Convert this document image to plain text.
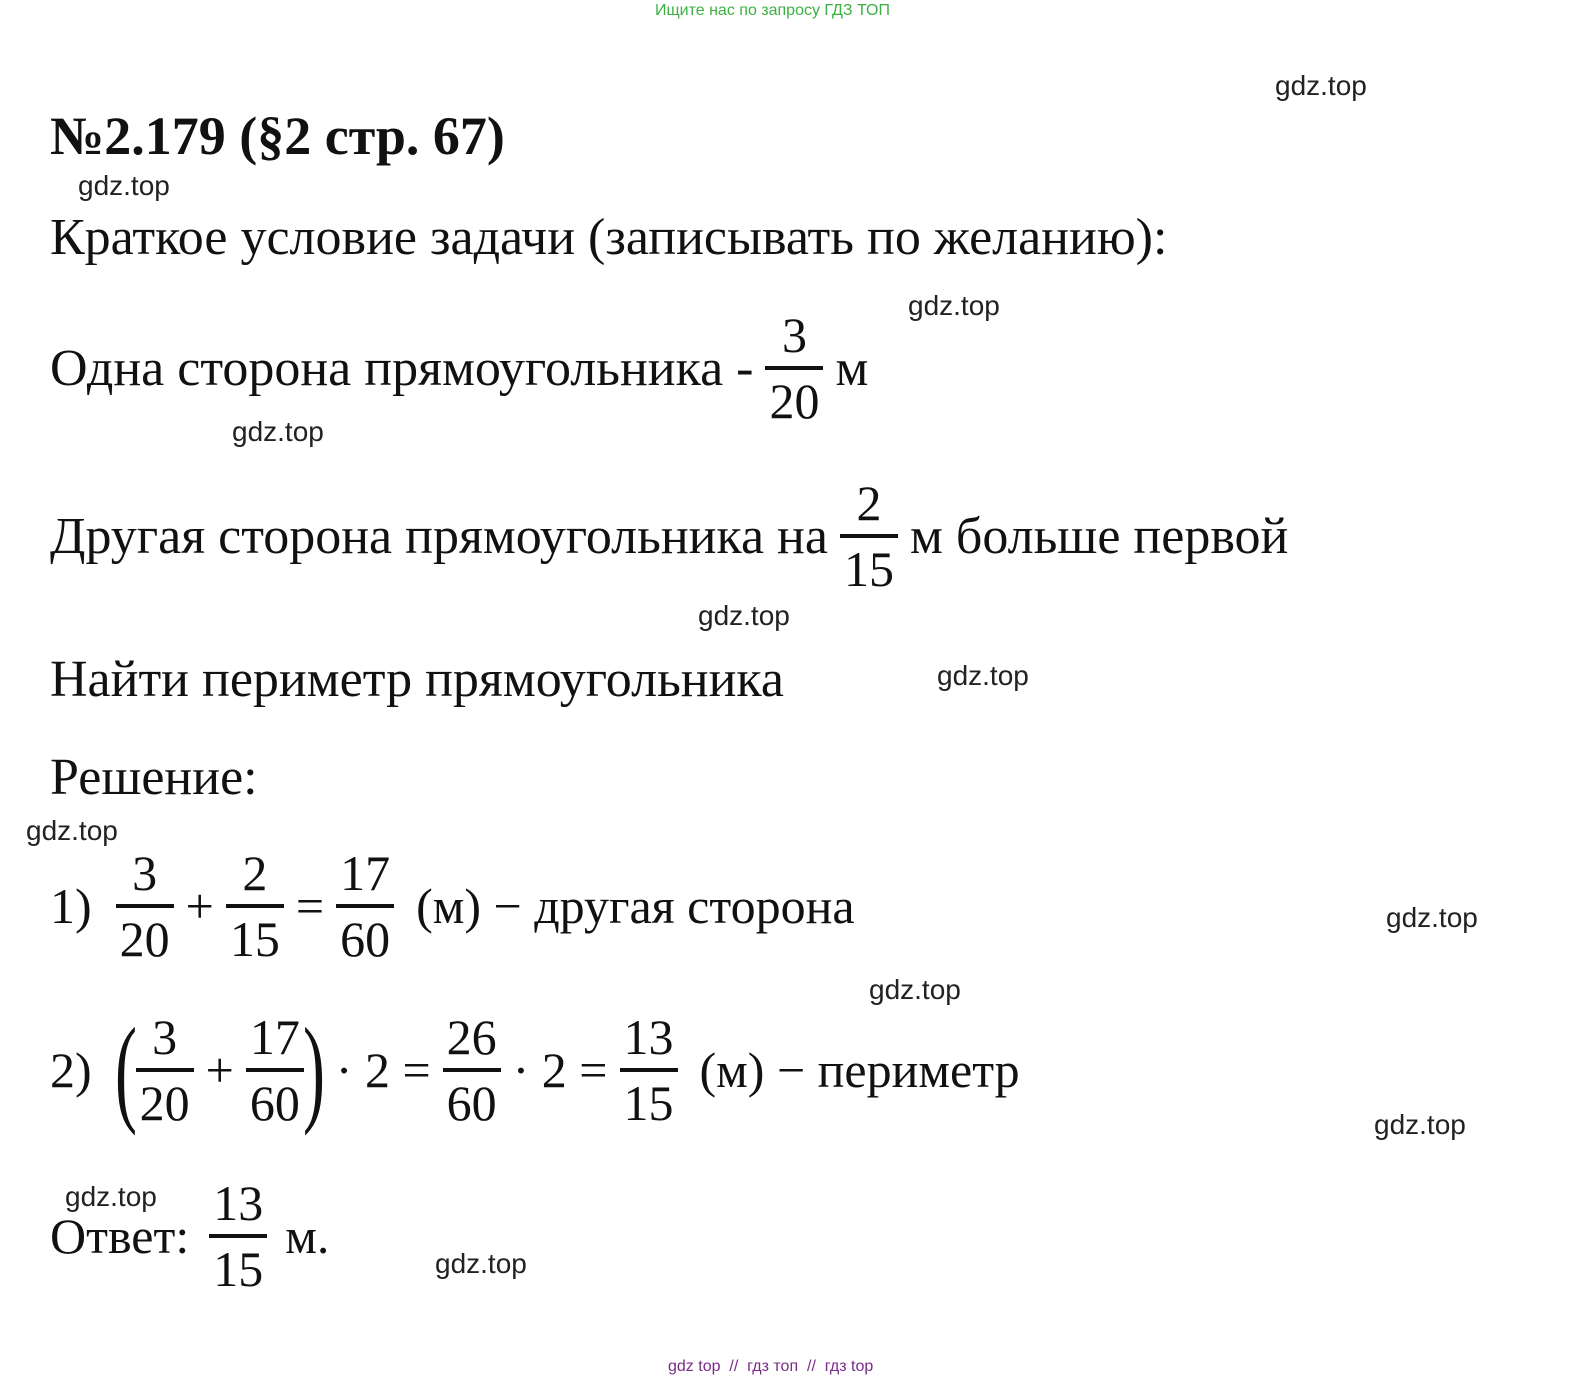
Ищите нас по запросу ГДЗ ТОП
gdz.top
gdz.top
gdz.top
gdz.top
gdz.top
gdz.top
gdz.top
gdz.top
gdz.top
gdz.top
gdz.top
gdz.top
№2.179 (§2 стр. 67)
Краткое условие задачи (записывать по желанию):
Одна сторона прямоугольника -
3
20
м
Другая сторона прямоугольника на
2
15
м больше первой
Найти периметр прямоугольника
Решение:
1)
3
20
+
2
15
=
17
60
(м) − другая сторона
2) ( 3
20
+
17
60 ) · 2 =
26
60
· 2 =
13
15
(м) − периметр
Ответ:
13
15
м.
gdz top  //  гдз топ  //  гдз top
